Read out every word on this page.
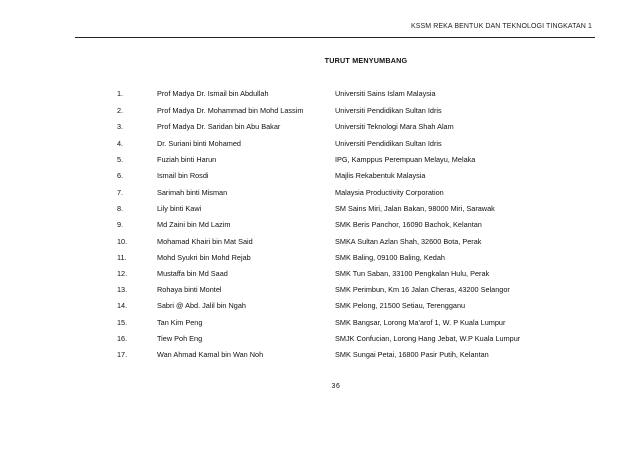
KSSM REKA BENTUK DAN TEKNOLOGI TINGKATAN 1
TURUT MENYUMBANG
1.	Prof Madya Dr. Ismail bin Abdullah	Universiti Sains Islam Malaysia
2.	Prof Madya Dr. Mohammad bin Mohd Lassim	Universiti Pendidikan Sultan Idris
3.	Prof Madya Dr. Saridan bin Abu Bakar	Universiti Teknologi Mara Shah Alam
4.	Dr. Suriani binti Mohamed	Universiti Pendidikan Sultan Idris
5.	Fuziah binti Harun	IPG, Kamppus Perempuan Melayu, Melaka
6.	Ismail bin Rosdi	Majlis Rekabentuk Malaysia
7.	Sarimah binti Misman	Malaysia Productivity Corporation
8.	Lily binti Kawi	SM Sains Miri, Jalan Bakan, 98000 Miri, Sarawak
9.	Md Zaini bin Md Lazim	SMK Beris Panchor, 16090 Bachok, Kelantan
10.	Mohamad Khairi bin Mat Said	SMKA Sultan Azlan Shah, 32600 Bota, Perak
11.	Mohd Syukri bin Mohd Rejab	SMK Baling, 09100 Baling, Kedah
12.	Mustaffa bin Md Saad	SMK Tun Saban, 33100 Pengkalan Hulu, Perak
13.	Rohaya binti Montel	SMK Perimbun, Km 16 Jalan Cheras, 43200 Selangor
14.	Sabri @ Abd. Jalil bin Ngah	SMK Pelong, 21500 Setiau, Terengganu
15.	Tan Kim Peng	SMK Bangsar, Lorong Ma'arof 1, W. P Kuala Lumpur
16.	Tiew Poh Eng	SMJK Confucian, Lorong Hang Jebat, W.P Kuala Lumpur
17.	Wan Ahmad Kamal bin Wan Noh	SMK Sungai Petai, 16800 Pasir Putih, Kelantan
36
